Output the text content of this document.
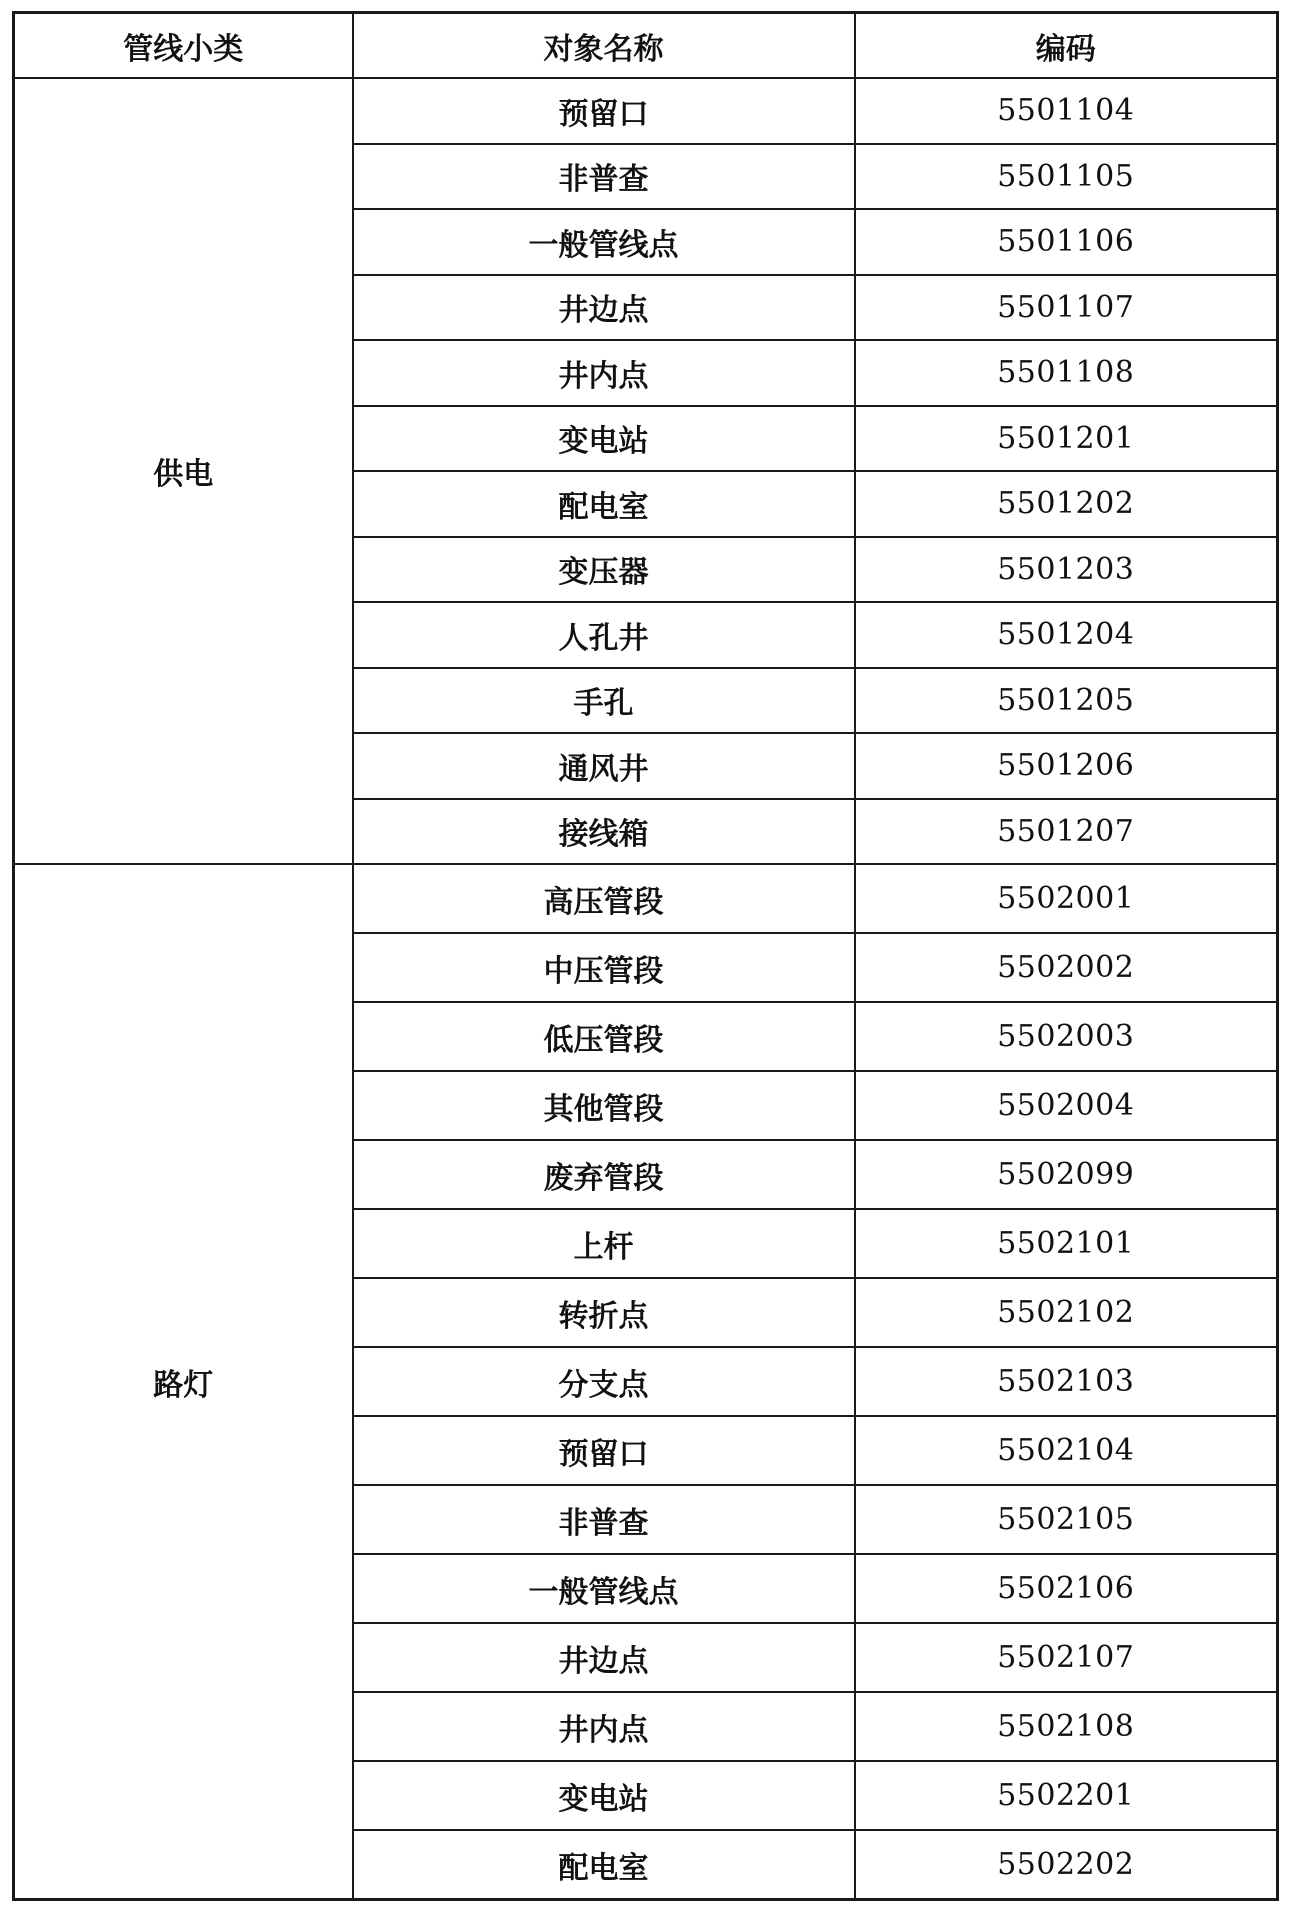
管线小类	对象名称	编码
供电	预留口	5501104
	非普查	5501105
	一般管线点	5501106
	井边点	5501107
	井内点	5501108
	变电站	5501201
	配电室	5501202
	变压器	5501203
	人孔井	5501204
	手孔	5501205
	通风井	5501206
	接线箱	5501207
路灯	高压管段	5502001
	中压管段	5502002
	低压管段	5502003
	其他管段	5502004
	废弃管段	5502099
	上杆	5502101
	转折点	5502102
	分支点	5502103
	预留口	5502104
	非普查	5502105
	一般管线点	5502106
	井边点	5502107
	井内点	5502108
	变电站	5502201
	配电室	5502202
